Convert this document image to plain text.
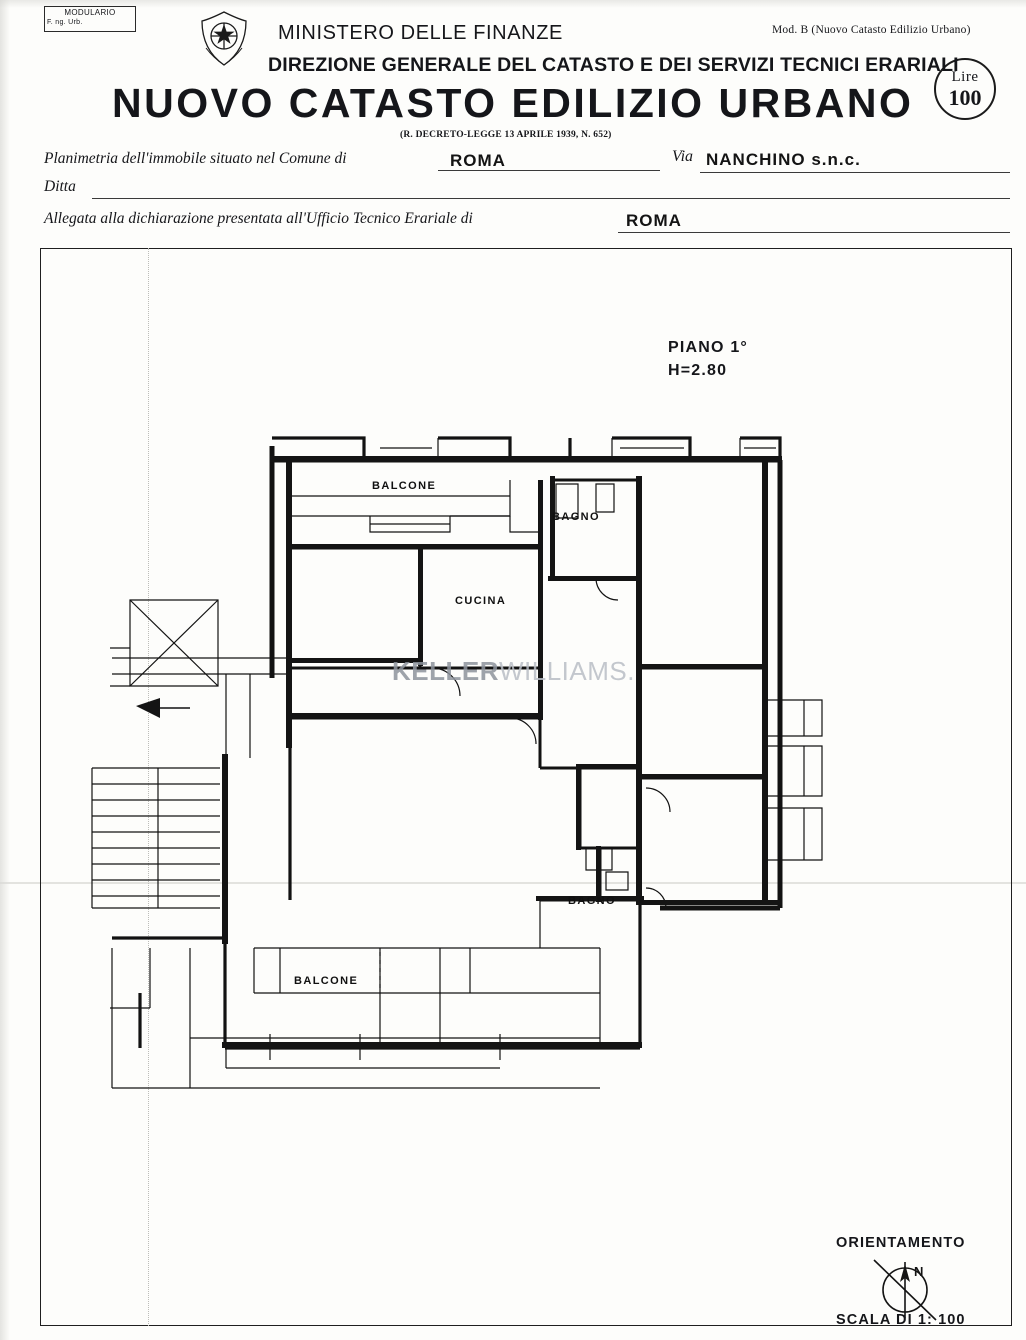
MODULARIO
F. ng. Urb.
Mod. B (Nuovo Catasto Edilizio Urbano)
Lire
100
MINISTERO DELLE FINANZE
DIREZIONE GENERALE DEL CATASTO E DEI SERVIZI TECNICI ERARIALI
NUOVO CATASTO EDILIZIO URBANO
(R. DECRETO-LEGGE 13 APRILE 1939, N. 652)
Planimetria dell'immobile situato nel Comune di	ROMA	Via NANCHINO s.n.c.
Ditta
Allegata alla dichiarazione presentata all'Ufficio Tecnico Erariale di	ROMA
PIANO 1°
H=2.80
BALCONE
BAGNO
CUCINA
BAGNO
BALCONE
KELLERWILLIAMS.
ORIENTAMENTO
N
SCALA DI 1: 100
